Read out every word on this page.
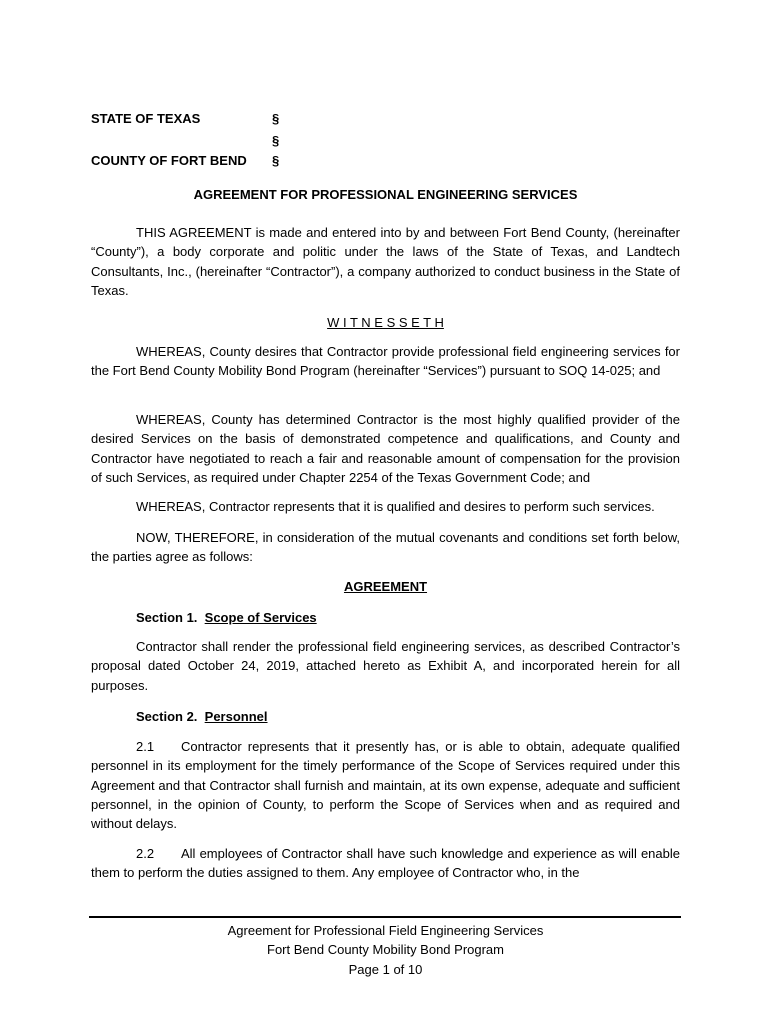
STATE OF TEXAS	§

§

COUNTY OF FORT BEND §

AGREEMENT FOR PROFESSIONAL ENGINEERING SERVICES

THIS AGREEMENT is made and entered into by and between Fort Bend County, (hereinafter “County”), a body corporate and politic under the laws of the State of Texas, and Landtech Consultants, Inc., (hereinafter “Contractor”), a company authorized to conduct business in the State of Texas.

W I T N E S S E T H

WHEREAS, County desires that Contractor provide professional field engineering services for the Fort Bend County Mobility Bond Program (hereinafter “Services”) pursuant to SOQ 14-025; and

WHEREAS, County has determined Contractor is the most highly qualified provider of the desired Services on the basis of demonstrated competence and qualifications, and County and Contractor have negotiated to reach a fair and reasonable amount of compensation for the provision of such Services, as required under Chapter 2254 of the Texas Government Code; and

WHEREAS, Contractor represents that it is qualified and desires to perform such services.

NOW, THEREFORE, in consideration of the mutual covenants and conditions set forth below, the parties agree as follows:

AGREEMENT

Section 1. Scope of Services

Contractor shall render the professional field engineering services, as described Contractor’s proposal dated October 24, 2019, attached hereto as Exhibit A, and incorporated herein for all purposes.

Section 2. Personnel

2.1 Contractor represents that it presently has, or is able to obtain, adequate qualified personnel in its employment for the timely performance of the Scope of Services required under this Agreement and that Contractor shall furnish and maintain, at its own expense, adequate and sufficient personnel, in the opinion of County, to perform the Scope of Services when and as required and without delays.

2.2 All employees of Contractor shall have such knowledge and experience as will enable them to perform the duties assigned to them. Any employee of Contractor who, in the

Agreement for Professional Field Engineering Services

Fort Bend County Mobility Bond Program

Page 1 of 10
